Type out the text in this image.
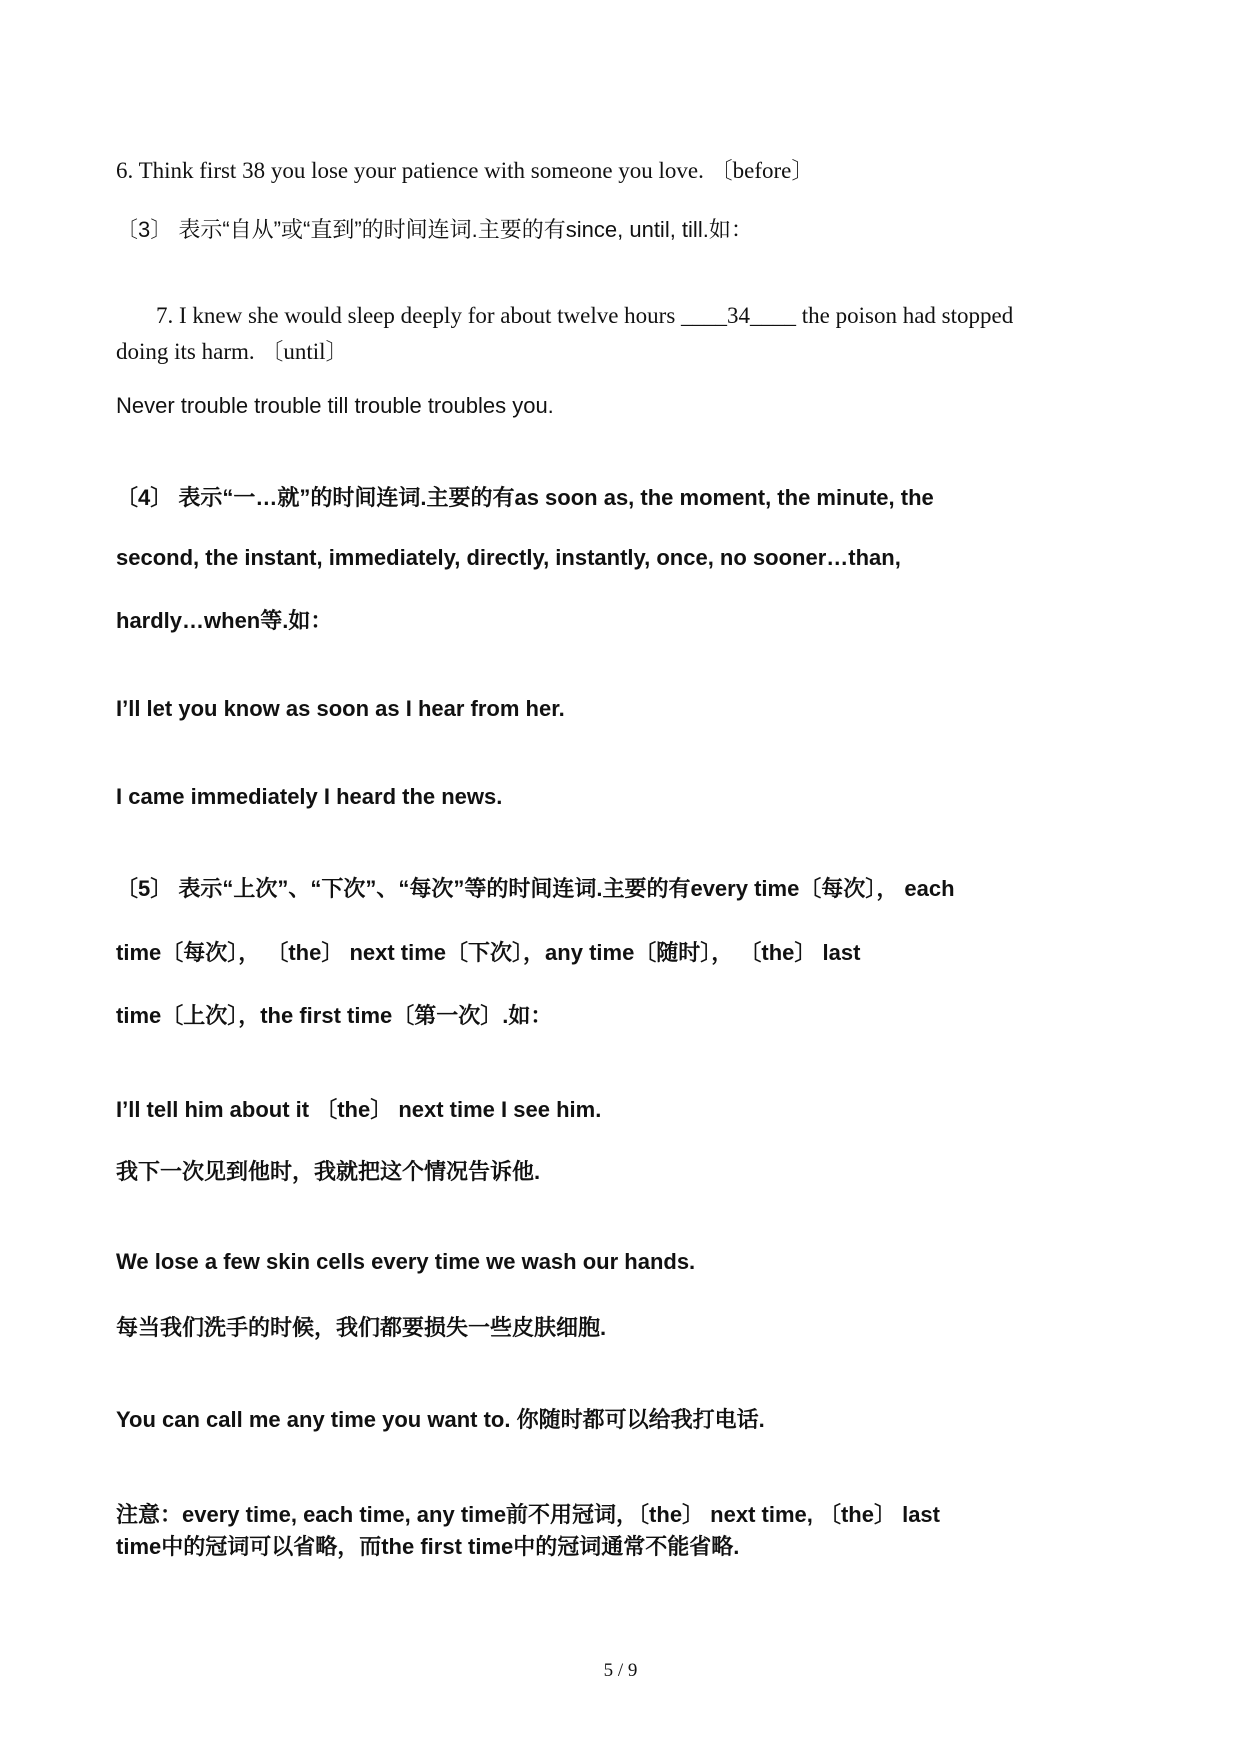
6. Think first 38 you lose your patience with someone you love. 〔before〕
〔3〕 表示“自从”或“直到”的时间连词.主要的有since, until, till.如：
7. I knew she would sleep deeply for about twelve hours ____34____ the poison had stopped
doing its harm. 〔until〕
Never trouble trouble till trouble troubles you.
〔4〕 表示“一…就”的时间连词.主要的有as soon as, the moment, the minute, the
second, the instant, immediately, directly, instantly, once, no sooner…than,
hardly…when等.如：
I’ll let you know as soon as I hear from her.
I came immediately I heard the news.
〔5〕 表示“上次”、“下次”、“每次”等的时间连词.主要的有every time〔每次〕， each
time〔每次〕， 〔the〕 next time〔下次〕，any time〔随时〕， 〔the〕 last
time〔上次〕，the first time〔第一次〕.如：
I’ll tell him about it 〔the〕 next time I see him.
我下一次见到他时，我就把这个情况告诉他.
We lose a few skin cells every time we wash our hands.
每当我们洗手的时候，我们都要损失一些皮肤细胞.
You can call me any time you want to. 你随时都可以给我打电话.
注意：every time, each time, any time前不用冠词，〔the〕 next time, 〔the〕 last
time中的冠词可以省略，而the first time中的冠词通常不能省略.
5 / 9
